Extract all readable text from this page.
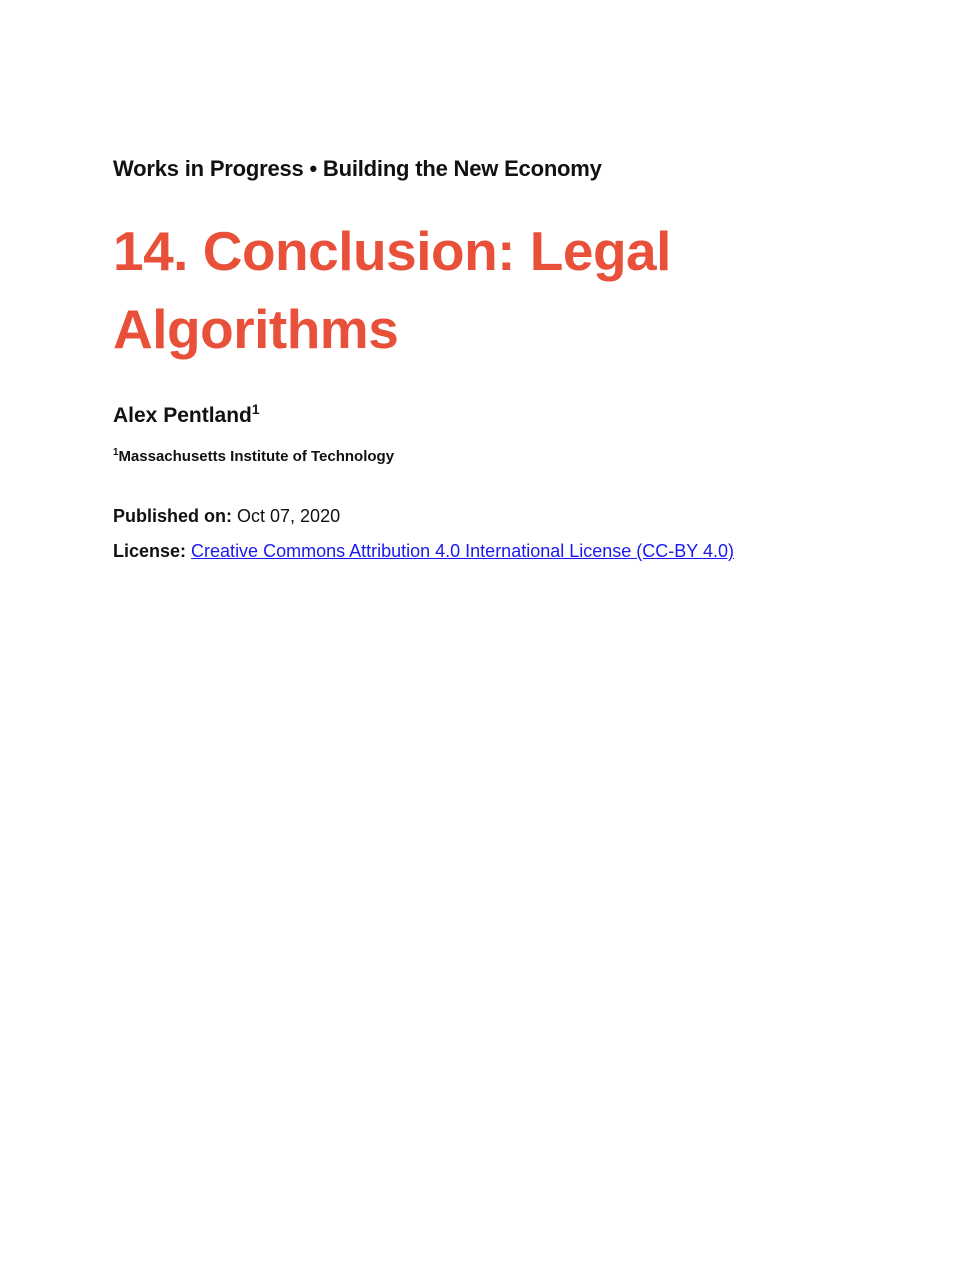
Works in Progress • Building the New Economy
14. Conclusion: Legal Algorithms
Alex Pentland$^1$
$^1$Massachusetts Institute of Technology
Published on: Oct 07, 2020
License: Creative Commons Attribution 4.0 International License (CC-BY 4.0)
